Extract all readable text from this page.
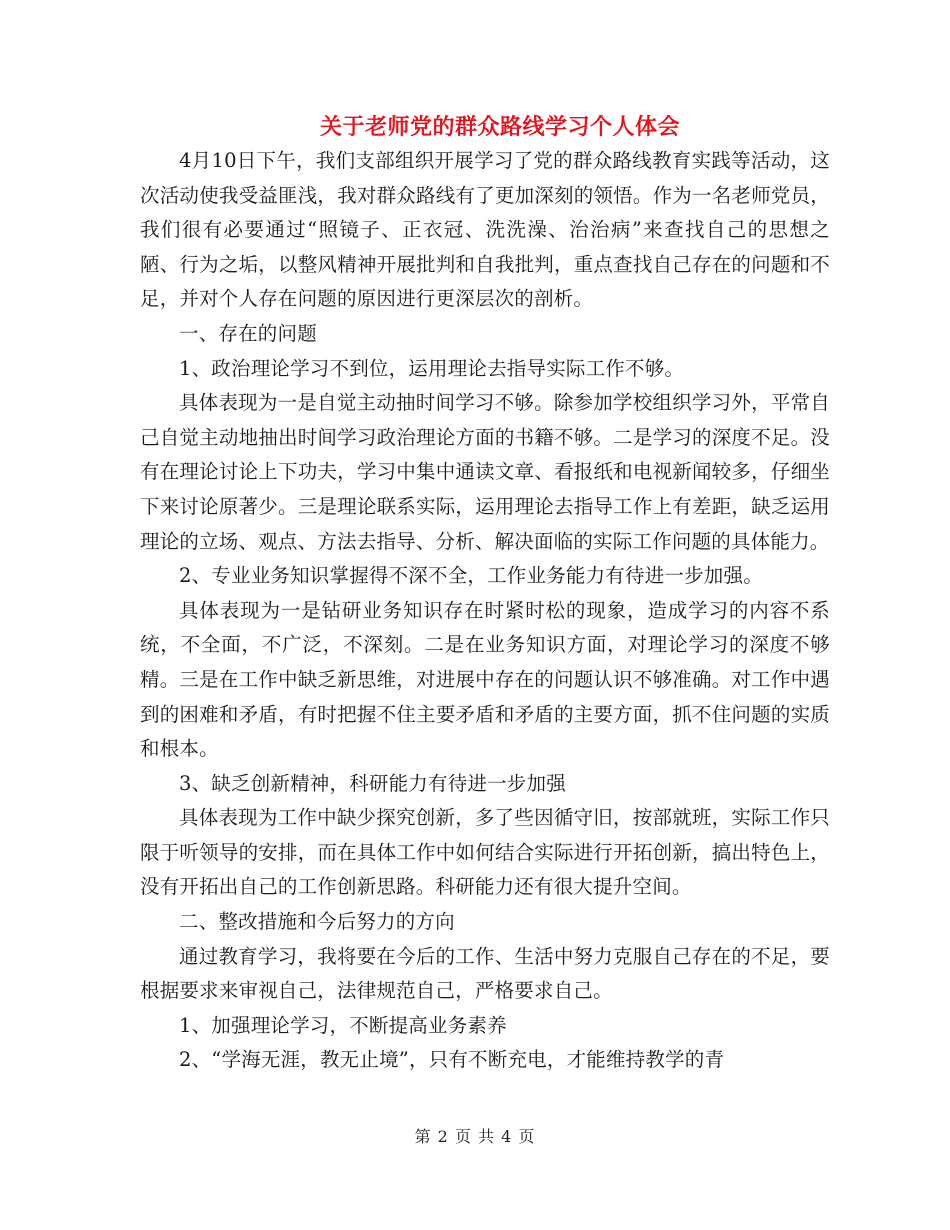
关于老师党的群众路线学习个人体会

4月10日下午，我们支部组织开展学习了党的群众路线教育实践等活动，这次活动使我受益匪浅，我对群众路线有了更加深刻的领悟。作为一名老师党员，我们很有必要通过“照镜子、正衣冠、洗洗澡、治治病”来查找自己的思想之陋、行为之垢，以整风精神开展批判和自我批判，重点查找自己存在的问题和不足，并对个人存在问题的原因进行更深层次的剖析。

一、存在的问题

1、政治理论学习不到位，运用理论去指导实际工作不够。

具体表现为一是自觉主动抽时间学习不够。除参加学校组织学习外，平常自己自觉主动地抽出时间学习政治理论方面的书籍不够。二是学习的深度不足。没有在理论讨论上下功夫，学习中集中通读文章、看报纸和电视新闻较多，仔细坐下来讨论原著少。三是理论联系实际，运用理论去指导工作上有差距，缺乏运用理论的立场、观点、方法去指导、分析、解决面临的实际工作问题的具体能力。

2、专业业务知识掌握得不深不全，工作业务能力有待进一步加强。

具体表现为一是钻研业务知识存在时紧时松的现象，造成学习的内容不系统，不全面，不广泛，不深刻。二是在业务知识方面，对理论学习的深度不够精。三是在工作中缺乏新思维，对进展中存在的问题认识不够准确。对工作中遇到的困难和矛盾，有时把握不住主要矛盾和矛盾的主要方面，抓不住问题的实质和根本。

3、缺乏创新精神，科研能力有待进一步加强

具体表现为工作中缺少探究创新，多了些因循守旧，按部就班，实际工作只限于听领导的安排，而在具体工作中如何结合实际进行开拓创新，搞出特色上，没有开拓出自己的工作创新思路。科研能力还有很大提升空间。

二、整改措施和今后努力的方向

通过教育学习，我将要在今后的工作、生活中努力克服自己存在的不足，要根据要求来审视自己，法律规范自己，严格要求自己。

1、加强理论学习，不断提高业务素养

2、“学海无涯，教无止境”，只有不断充电，才能维持教学的青

第 2 页 共 4 页
